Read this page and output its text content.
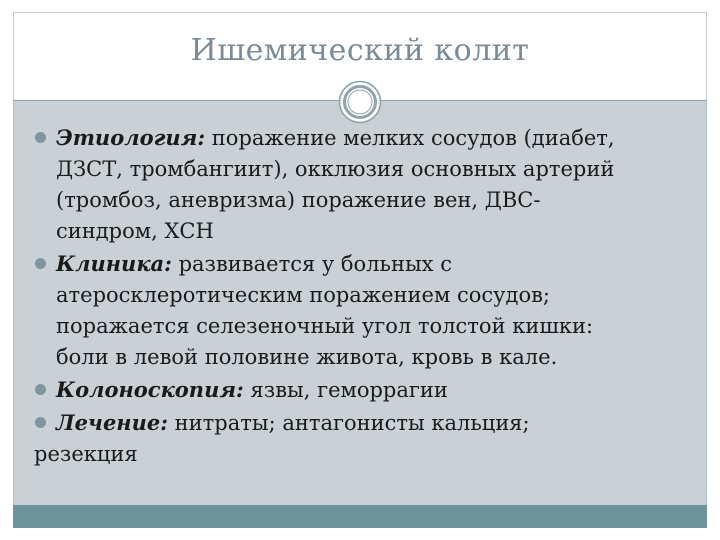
Ишемический колит
Этиология: поражение мелких сосудов (диабет,
ДЗСТ, тромбангиит), окклюзия основных артерий
(тромбоз, аневризма) поражение вен, ДВС-
синдром, ХСН
Клиника: развивается у больных с
атеросклеротическим поражением сосудов;
поражается селезеночный угол толстой кишки:
боли в левой половине живота, кровь в кале.
Колоноскопия: язвы, геморрагии
Лечение: нитраты; антагонисты кальция;
резекция
